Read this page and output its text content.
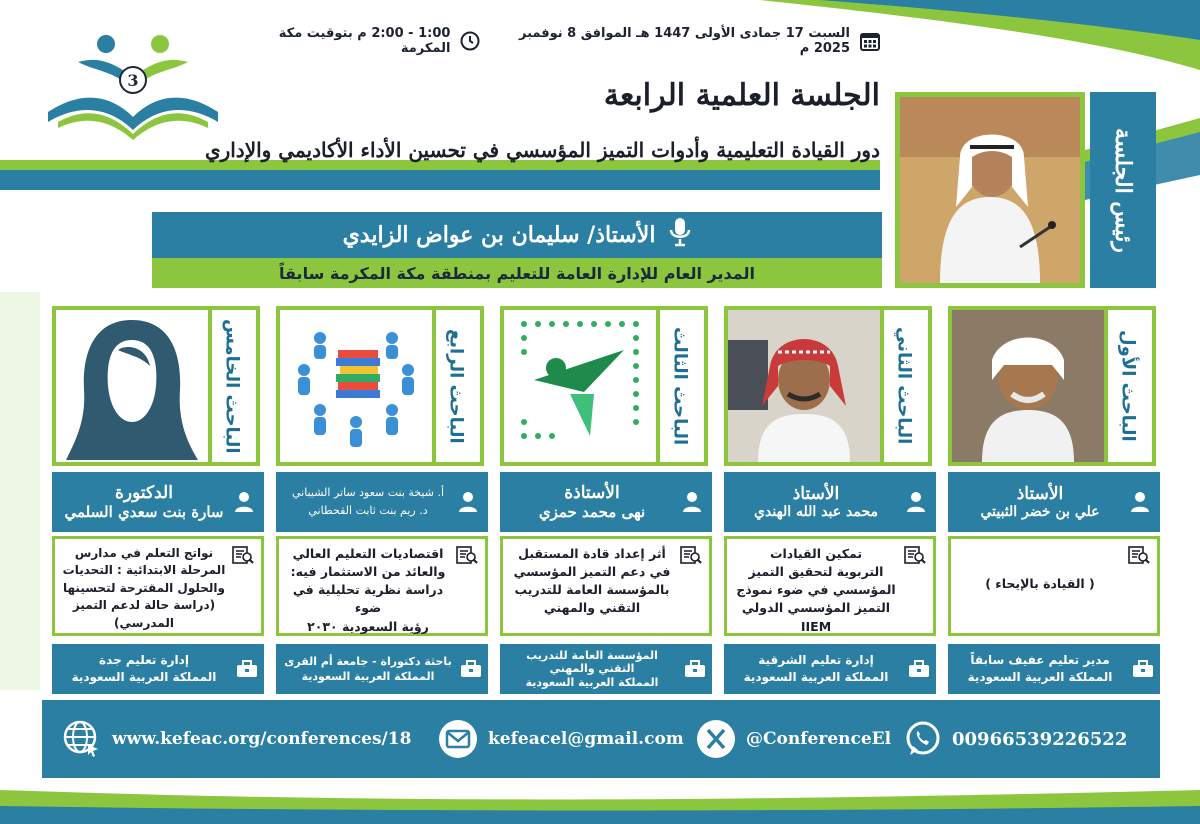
3
السبت 17 جمادى الأولى 1447 هـ الموافق 8 نوفمبر 2025 م
1:00 - 2:00 م بتوقيت مكة المكرمة
الجلسة العلمية الرابعة
دور القيادة التعليمية وأدوات التميز المؤسسي في تحسين الأداء الأكاديمي والإداري	رئيس الجلسة
الأستاذ/ سليمان بن عواض الزايدي
المدير العام للإدارة العامة للتعليم بمنطقة مكة المكرمة سابقاً
الباحث الأول
الأستاذ
علي بن خضر الثبيتي
( القيادة بالإيحاء )
مدير تعليم عفيف سابقاً
المملكة العربية السعودية
الباحث الثاني
الأستاذ
محمد عبد الله الهندي
تمكين القيادات
التربوية لتحقيق التميز
المؤسسي في ضوء نموذج
التميز المؤسسي الدولي IIEM
إدارة تعليم الشرقية
المملكة العربية السعودية
الباحث الثالث
الأستاذة
نهى محمد حمزي
أثر إعداد قادة المستقبل
في دعم التميز المؤسسي
بالمؤسسة العامة للتدريب
التقني والمهني
المؤسسة العامة للتدريب
التقني والمهني
المملكة العربية السعودية
الباحث الرابع
أ. شيخة بنت سعود ساتر الشيباني
د. ريم بنت ثابت القحطاني
اقتصاديات التعليم العالي
والعائد من الاستثمار فيه:
دراسة نظرية تحليلية في ضوء
رؤية السعودية ٢٠٣٠
باحثة دكتوراة - جامعة أم القرى
المملكة العربية السعودية
الباحث الخامس
الدكتورة
سارة بنت سعدي السلمي
نواتج التعلم في مدارس
المرحلة الابتدائية : التحديات
والحلول المقترحة لتحسينها
(دراسة حالة لدعم التميز المدرسي)
إدارة تعليم جدة
المملكة العربية السعودية
www.kefeac.org/conferences/18	kefeacel@gmail.com	@ConferenceEl	00966539226522
